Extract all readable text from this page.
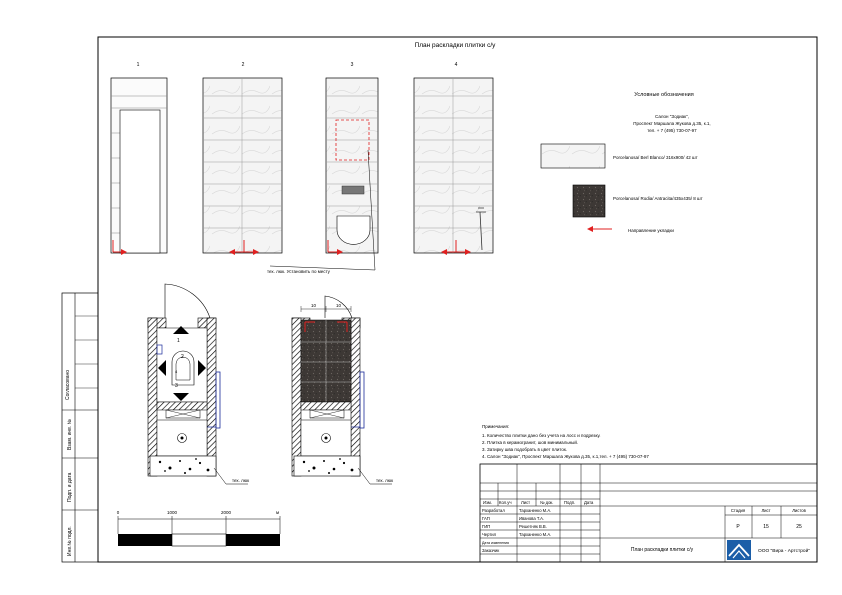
Согласовано
Взам. инв. №
Подп. и дата
Инв.№ подл.
План раскладки плитки с/у
1	2	3	4
тех. люк. Установить по месту
1
2
3
4
тех. люк
10	10
тех. люк
Условные обозначения
Салон "Зодиак",
Проспект Маршала Жукова д.35, к.1,
тел. + 7 (495) 730-07-97
Porcelanosa/ Berl Blanco/ 316x900/ 42 шт
Porcelanosa/ Rodia/ Antracita/435x435/ 8 шт
Направление укладки
Примечания:
1. Количество плитки дано без учета на лосс и подрезку.
2. Плитка в керамогранит, шов минимальный.
3. Затирку шва подобрать в цвет плиток.
4. Салон "Зодиак", Проспект Маршала Жукова д.35, к.1,тел. + 7 (495) 730-07-97
0	1000	2000	м
Изм. Кол.уч Лист № док.	Подп. Дата
Разработал	Тарханенко М.А.
ГАП	Иванова Т.А.
ГИП	Решетняк В.В.
Чертил	Тарханенко М.А.
Дата изменения
Заказчик
Стадия	Лист	Листов
Р	15	25
План раскладки плитки с/у	ООО "Вира - Артстрой"
